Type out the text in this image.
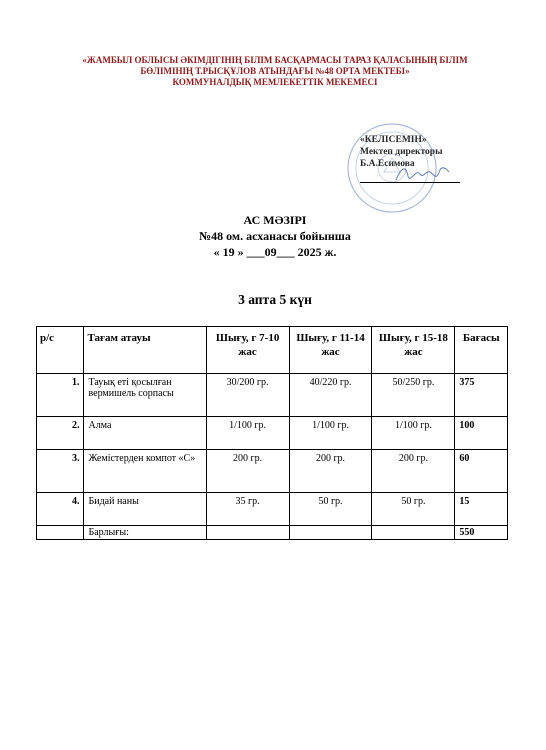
«ЖАМБЫЛ ОБЛЫСЫ ӘКІМДІГІНІҢ БІЛІМ БАСҚАРМАСЫ ТАРАЗ ҚАЛАСЫНЫҢ БІЛІМ
БӨЛІМІНІҢ Т.РЫСҚҰЛОВ АТЫНДАҒЫ №48 ОРТА МЕКТЕБІ»
КОММУНАЛДЫҚ МЕМЛЕКЕТТІК МЕКЕМЕСІ
«КЕЛІСЕМІН»
Мектеп директоры
Б.А.Есимова
АС МӘЗІРІ
№48 ом. асханасы бойынша
« 19 » ___09___ 2025 ж.
3 апта 5 күн
р/с	Тағам атауы	Шығу, г 7-10 жас	Шығу, г 11-14 жас	Шығу, г 15-18 жас	Бағасы
1.	Тауық еті қосылған вермишель сорпасы	30/200 гр.	40/220 гр.	50/250 гр.	375
2.	Алма	1/100 гр.	1/100 гр.	1/100 гр.	100
3.	Жемістерден компот «С»	200 гр.	200 гр.	200 гр.	60
4.	Бидай наны	35 гр.	50 гр.	50 гр.	15
	Барлығы:				550
